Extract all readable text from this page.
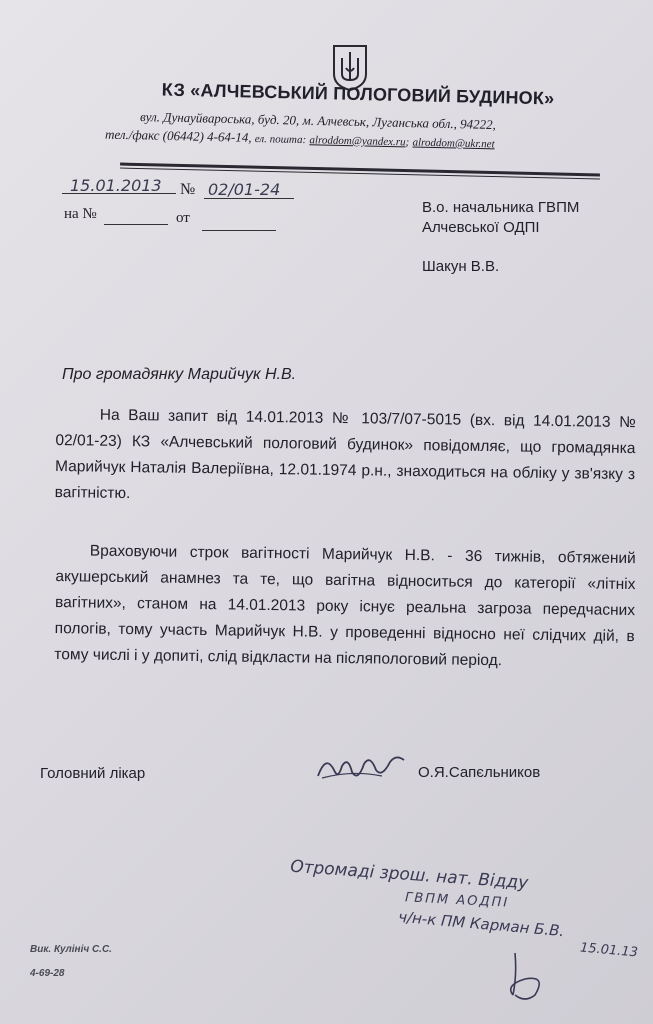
КЗ «АЛЧЕВСЬКИЙ ПОЛОГОВИЙ БУДИНОК»
вул. Дунауйварoська, буд. 20, м. Алчевськ, Луганська обл., 94222,
тел./факс (06442) 4-64-14, ел. пошта: alroddom@yandex.ru; alroddom@ukr.net
15.01.2013 № 02/01-24
на №	от
В.о. начальника ГВПМ
Алчевської ОДПІ
Шакун В.В.
Про громадянку Марийчук Н.В.
На Ваш запит від 14.01.2013 № 103/7/07-5015 (вх. від 14.01.2013 № 02/01-23) КЗ «Алчевський пологовий будинок» повідомляє, що громадянка Марийчук Наталія Валеріївна, 12.01.1974 р.н., знаходиться на обліку у зв'язку з вагітністю.
Враховуючи строк вагітності Марийчук Н.В. - 36 тижнів, обтяжений акушерський анамнез та те, що вагітна відноситься до категорії «літніх вагітних», станом на 14.01.2013 року існує реальна загроза передчасних пологів, тому участь Марийчук Н.В. у проведенні відносно неї слідчих дій, в тому числі і у допиті, слід відкласти на післяпологовий період.
Головний лікар	О.Я.Сапєльников
Отромаді зрош. нат. Відду
ГВПМ АОДПІ
ч/н-к ПМ Карман Б.В.
15.01.13
Вик. Кулініч С.С.
4-69-28
